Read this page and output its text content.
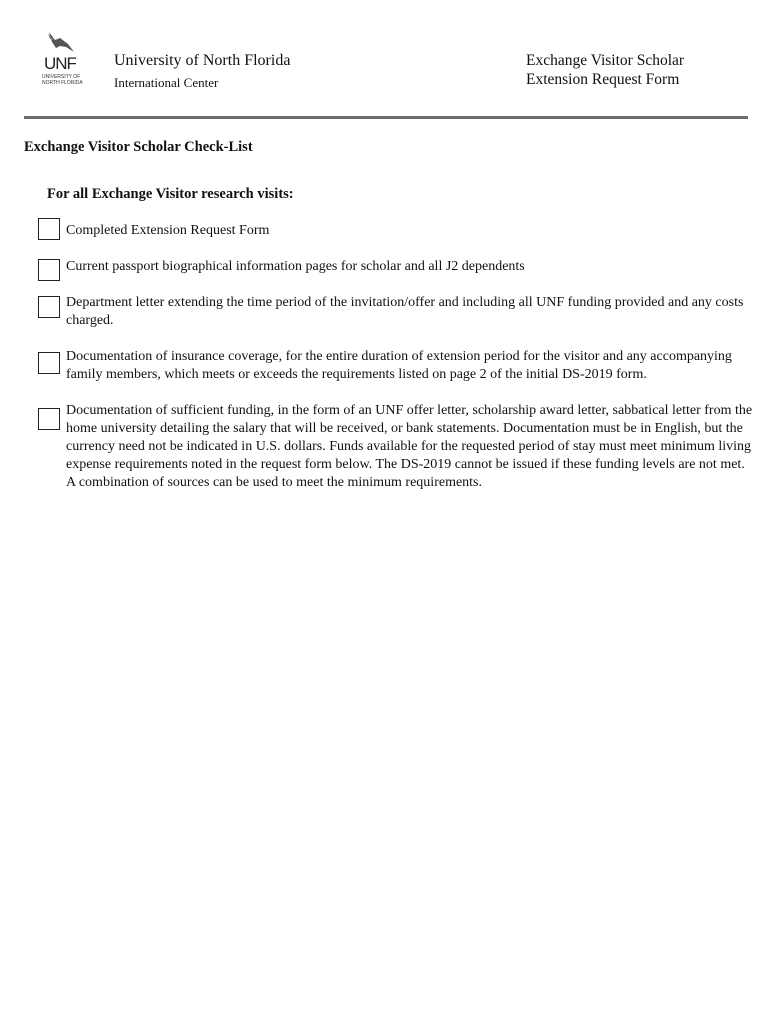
UNF
UNIVERSITY OF NORTH FLORIDA
University of North Florida
International Center
Exchange Visitor Scholar
Extension Request Form
Exchange Visitor Scholar Check-List
For all Exchange Visitor research visits:
Completed Extension Request Form
Current passport biographical information pages for scholar and all J2 dependents
Department letter extending the time period of the invitation/offer and including all UNF funding provided and any costs charged.
Documentation of insurance coverage, for the entire duration of extension period for the visitor and any accompanying family members, which meets or exceeds the requirements listed on page 2 of the initial DS-2019 form.
Documentation of sufficient funding, in the form of an UNF offer letter, scholarship award letter, sabbatical letter from the home university detailing the salary that will be received, or bank statements. Documentation must be in English, but the currency need not be indicated in U.S. dollars. Funds available for the requested period of stay must meet minimum living expense requirements noted in the request form below. The DS-2019 cannot be issued if these funding levels are not met. A combination of sources can be used to meet the minimum requirements.
